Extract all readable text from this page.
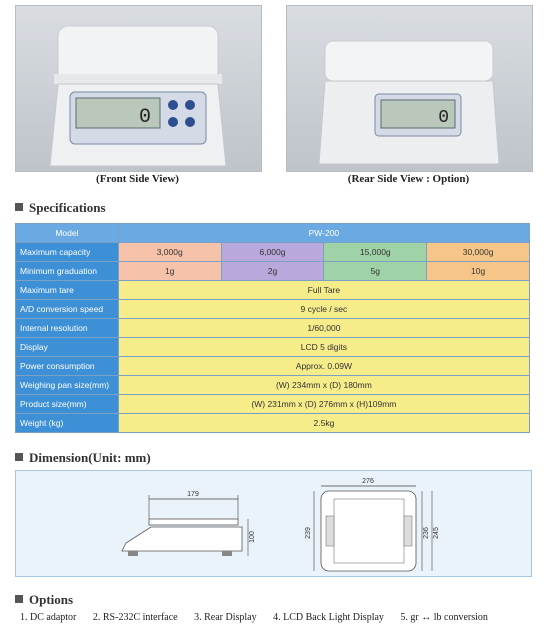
0	0
(Front Side View)	(Rear Side View : Option)
Specifications
Model	PW-200			
Maximum capacity	3,000g	6,000g	15,000g	30,000g
Minimum graduation	1g	2g	5g	10g
Maximum tare	Full Tare			
A/D conversion speed	9 cycle / sec			
Internal resolution	1/60,000			
Display	LCD 5 digits			
Power consumption	Approx. 0.09W			
Weighing pan size(mm)	(W) 234mm x (D) 180mm			
Product size(mm)	(W) 231mm x (D) 276mm x (H)109mm			
Weight (kg)	2.5kg			
Dimension(Unit: mm)
179
100
276
239	236 245
Options
1. DC adaptor 2. RS-232C interface 3. Rear Display 4. LCD Back Light Display 5. gr ↔ lb conversion
